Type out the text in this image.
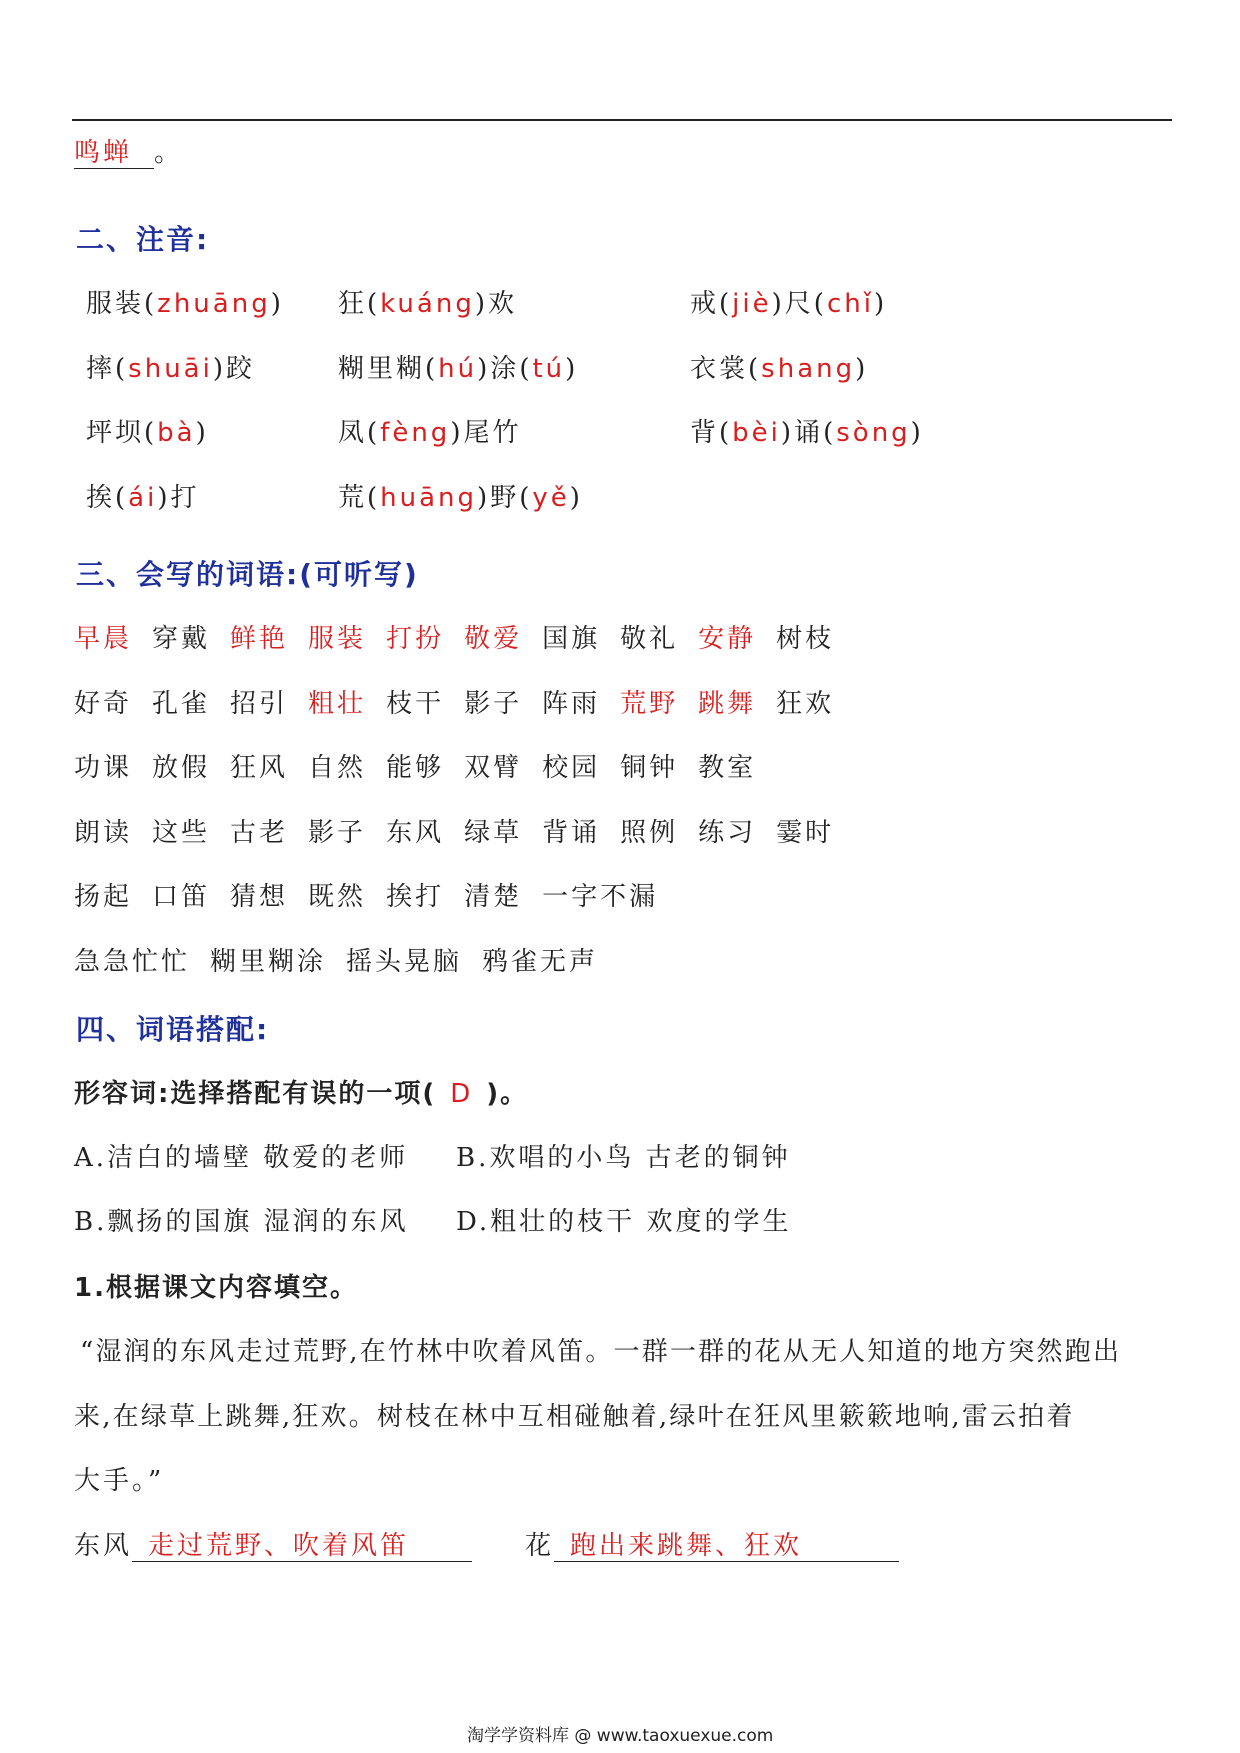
鸣蝉 。
二、注音:
服装(zhuāng) 狂(kuáng)欢	戒(jiè)尺(chǐ)
摔(shuāi)跤	糊里糊(hú)涂(tú)	衣裳(shang)
坪坝(bà)	凤(fèng)尾竹	背(bèi)诵(sòng)
挨(ái)打	荒(huāng)野(yě)
三、会写的词语:(可听写)
早晨 穿戴 鲜艳 服装 打扮 敬爱 国旗 敬礼 安静 树枝
好奇 孔雀 招引 粗壮 枝干 影子 阵雨 荒野 跳舞 狂欢
功课 放假 狂风 自然 能够 双臂 校园 铜钟 教室
朗读 这些 古老 影子 东风 绿草 背诵 照例 练习 霎时
扬起 口笛 猜想 既然 挨打 清楚 一字不漏
急急忙忙 糊里糊涂 摇头晃脑 鸦雀无声
四、词语搭配:
形容词:选择搭配有误的一项( D )。
A.洁白的墙壁 敬爱的老师 B.欢唱的小鸟 古老的铜钟
B.飘扬的国旗 湿润的东风 D.粗壮的枝干 欢度的学生
1.根据课文内容填空。
“湿润的东风走过荒野,在竹林中吹着风笛。一群一群的花从无人知道的地方突然跑出
来,在绿草上跳舞,狂欢。树枝在林中互相碰触着,绿叶在狂风里簌簌地响,雷云拍着
大手。”
东风 走过荒野、吹着风笛	花 跑出来跳舞、狂欢
淘学学资料库 @ www.taoxuexue.com
